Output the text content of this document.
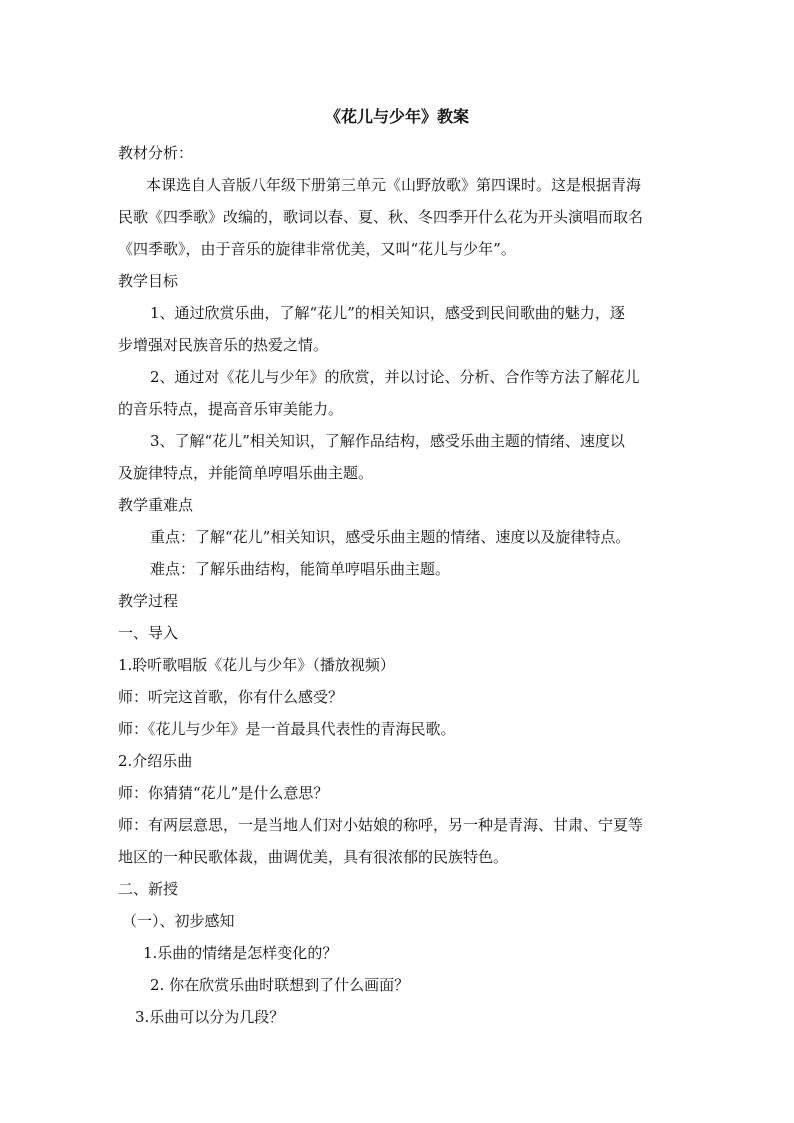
《花儿与少年》教案
教材分析：
本课选自人音版八年级下册第三单元《山野放歌》第四课时。这是根据青海
民歌《四季歌》改编的，歌词以春、夏、秋、冬四季开什么花为开头演唱而取名
《四季歌》，由于音乐的旋律非常优美，又叫“花儿与少年”。
教学目标
1、通过欣赏乐曲，了解“花儿”的相关知识，感受到民间歌曲的魅力，逐
步增强对民族音乐的热爱之情。
2、通过对《花儿与少年》的欣赏，并以讨论、分析、合作等方法了解花儿
的音乐特点，提高音乐审美能力。
3、了解“花儿”相关知识，了解作品结构，感受乐曲主题的情绪、速度以
及旋律特点，并能简单哼唱乐曲主题。
教学重难点
重点：了解“花儿”相关知识，感受乐曲主题的情绪、速度以及旋律特点。
难点：了解乐曲结构，能简单哼唱乐曲主题。
教学过程
一、导入
1.聆听歌唱版《花儿与少年》（播放视频）
师：听完这首歌，你有什么感受？
师：《花儿与少年》是一首最具代表性的青海民歌。
2.介绍乐曲
师：你猜猜“花儿”是什么意思？
师：有两层意思，一是当地人们对小姑娘的称呼，另一种是青海、甘肃、宁夏等
地区的一种民歌体裁，曲调优美，具有很浓郁的民族特色。
二、新授
（一）、初步感知
1.乐曲的情绪是怎样变化的？
2. 你在欣赏乐曲时联想到了什么画面？
3.乐曲可以分为几段？
